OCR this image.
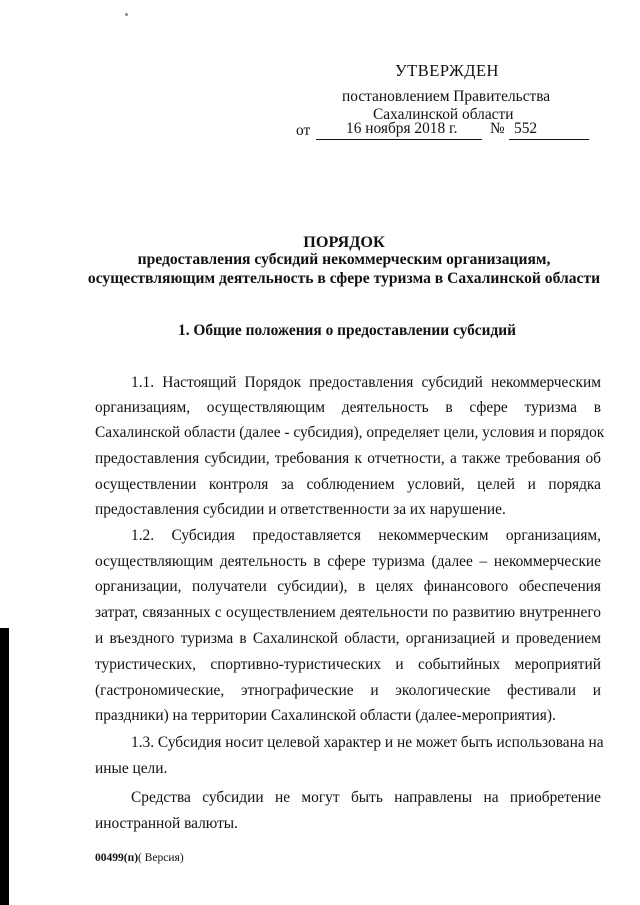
УТВЕРЖДЕН
постановлением Правительства
Сахалинской области
от 16 ноября 2018 г. № 552
ПОРЯДОК
предоставления субсидий некоммерческим организациям,
осуществляющим деятельность в сфере туризма в Сахалинской области
1. Общие положения о предоставлении субсидий
1.1. Настоящий Порядок предоставления субсидий некоммерческим
организациям, осуществляющим деятельность в сфере туризма в
Сахалинской области (далее - субсидия), определяет цели, условия и порядок
предоставления субсидии, требования к отчетности, а также требования об
осуществлении контроля за соблюдением условий, целей и порядка
предоставления субсидии и ответственности за их нарушение.
1.2. Субсидия предоставляется некоммерческим организациям,
осуществляющим деятельность в сфере туризма (далее – некоммерческие
организации, получатели субсидии), в целях финансового обеспечения
затрат, связанных с осуществлением деятельности по развитию внутреннего
и въездного туризма в Сахалинской области, организацией и проведением
туристических, спортивно-туристических и событийных мероприятий
(гастрономические, этнографические и экологические фестивали и
праздники) на территории Сахалинской области (далее-мероприятия).
1.3. Субсидия носит целевой характер и не может быть использована на
иные цели.
Средства субсидии не могут быть направлены на приобретение
иностранной валюты.
00499(п)( Версия)
